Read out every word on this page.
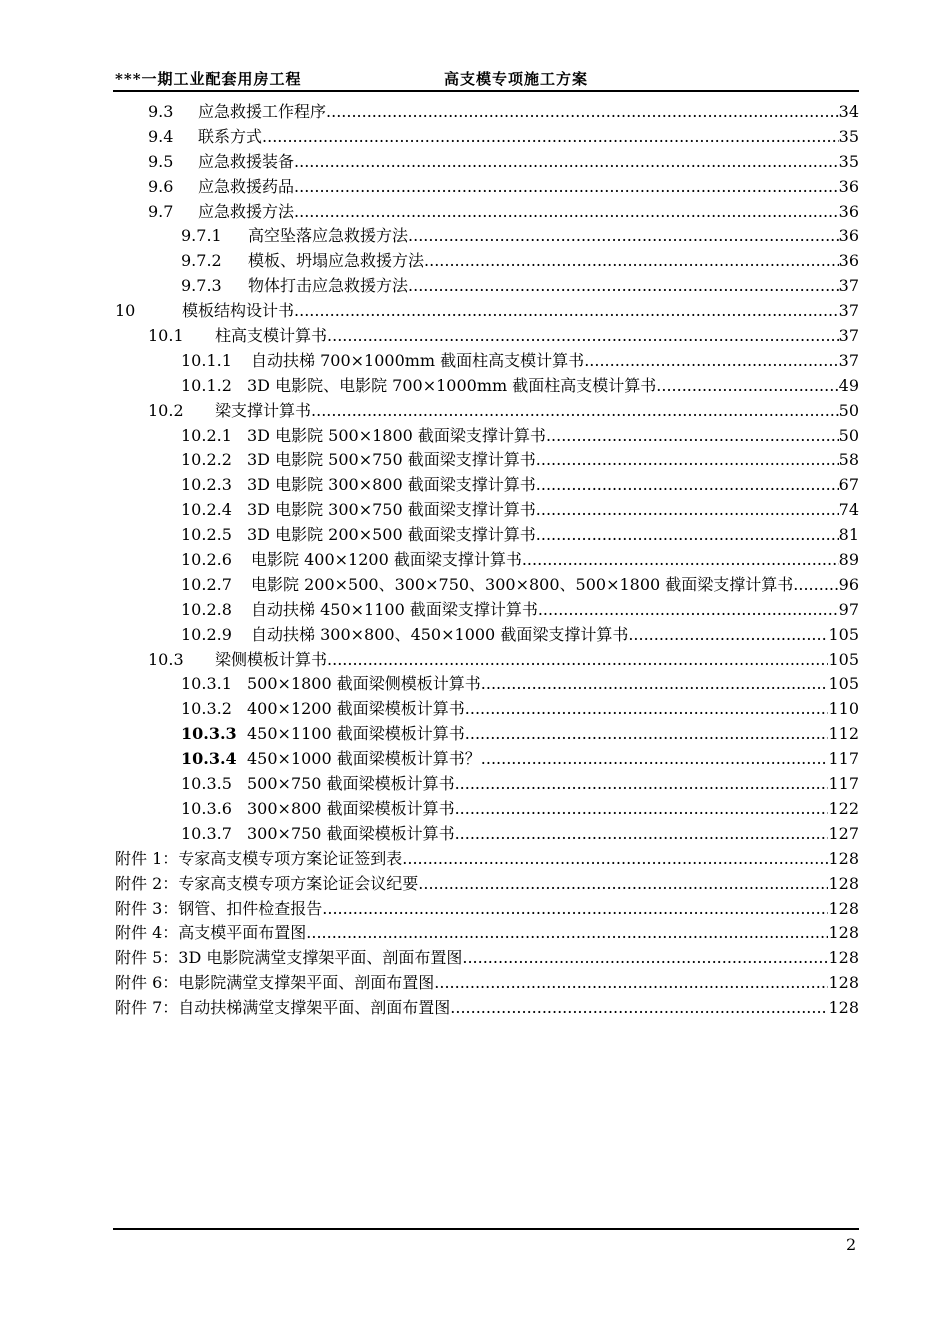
***一期工业配套用房工程	高支模专项施工方案
9.3	应急救援工作程序 .....	34
9.4	联系方式 .....	35
9.5	应急救援装备 .....	35
9.6	应急救援药品 .....	36
9.7	应急救援方法 .....	36
9.7.1	高空坠落应急救援方法 .....	36
9.7.2	模板、坍塌应急救援方法 .....	36
9.7.3	物体打击应急救援方法 .....	37
10	模板结构设计书 .....	37
10.1	柱高支模计算书 .....	37
10.1.1	自动扶梯 700×1000mm 截面柱高支模计算书 .....	37
10.1.2 3D 电影院、电影院 700×1000mm 截面柱高支模计算书 .....	49
10.2	梁支撑计算书 .....	50
10.2.1 3D 电影院 500×1800 截面梁支撑计算书 .....	50
10.2.2 3D 电影院 500×750 截面梁支撑计算书 .....	58
10.2.3 3D 电影院 300×800 截面梁支撑计算书 .....	67
10.2.4 3D 电影院 300×750 截面梁支撑计算书 .....	74
10.2.5 3D 电影院 200×500 截面梁支撑计算书 .....	81
10.2.6	电影院 400×1200 截面梁支撑计算书 .....	89
10.2.7	电影院 200×500、300×750、300×800、500×1800 截面梁支撑计算书 .....	96
10.2.8	自动扶梯 450×1100 截面梁支撑计算书 .....	97
10.2.9	自动扶梯 300×800、450×1000 截面梁支撑计算书 .....	105
10.3	梁侧模板计算书 .....	105
10.3.1 500×1800 截面梁侧模板计算书 .....	105
10.3.2 400×1200 截面梁模板计算书 .....	110
10.3.3 450×1100 截面梁模板计算书 .....	112
10.3.4 450×1000 截面梁模板计算书？ .....	117
10.3.5 500×750 截面梁模板计算书 .....	117
10.3.6 300×800 截面梁模板计算书 .....	122
10.3.7 300×750 截面梁模板计算书 .....	127
附件 1：专家高支模专项方案论证签到表 .....	128
附件 2：专家高支模专项方案论证会议纪要 .....	128
附件 3：钢管、扣件检查报告 .....	128
附件 4：高支模平面布置图 .....	128
附件 5：3D 电影院满堂支撑架平面、剖面布置图 .....	128
附件 6：电影院满堂支撑架平面、剖面布置图 .....	128
附件 7：自动扶梯满堂支撑架平面、剖面布置图 .....	128
2
